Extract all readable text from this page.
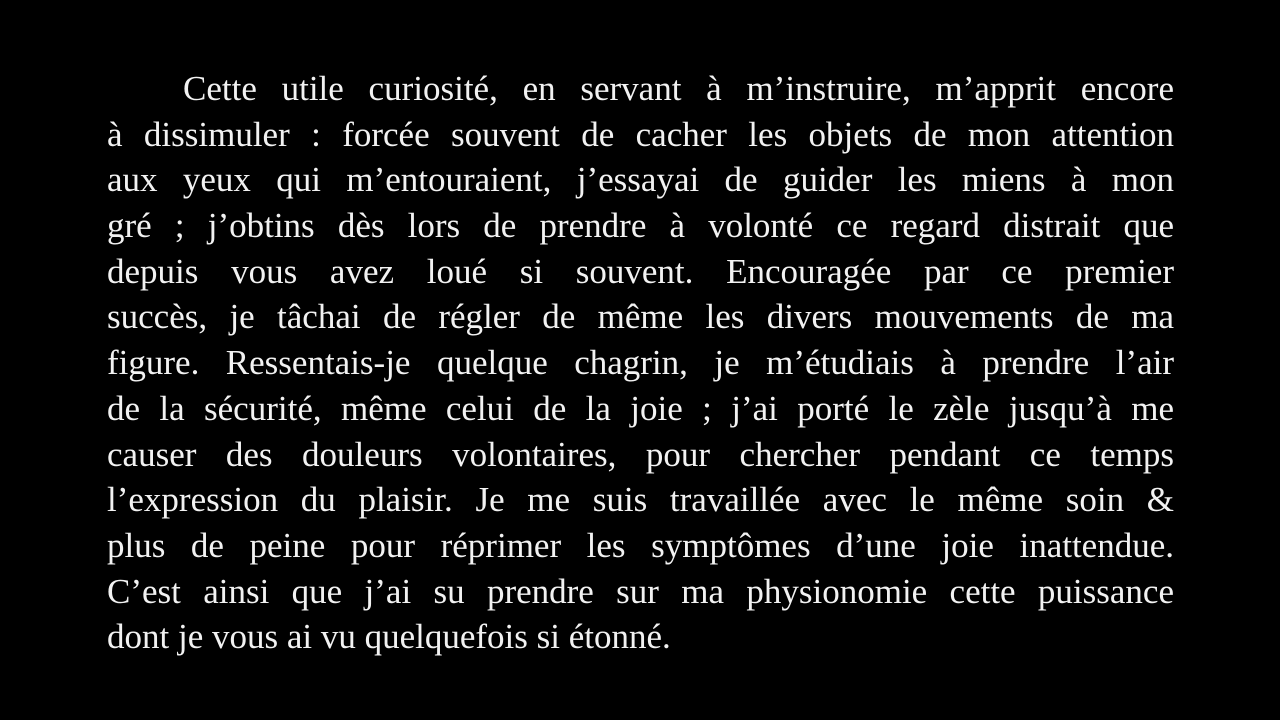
Cette utile curiosité, en servant à m’instruire, m’apprit encore
à dissimuler : forcée souvent de cacher les objets de mon attention
aux yeux qui m’entouraient, j’essayai de guider les miens à mon
gré ; j’obtins dès lors de prendre à volonté ce regard distrait que
depuis vous avez loué si souvent. Encouragée par ce premier
succès, je tâchai de régler de même les divers mouvements de ma
figure. Ressentais-je quelque chagrin, je m’étudiais à prendre l’air
de la sécurité, même celui de la joie ; j’ai porté le zèle jusqu’à me
causer des douleurs volontaires, pour chercher pendant ce temps
l’expression du plaisir. Je me suis travaillée avec le même soin &
plus de peine pour réprimer les symptômes d’une joie inattendue.
C’est ainsi que j’ai su prendre sur ma physionomie cette puissance
dont je vous ai vu quelquefois si étonné.
